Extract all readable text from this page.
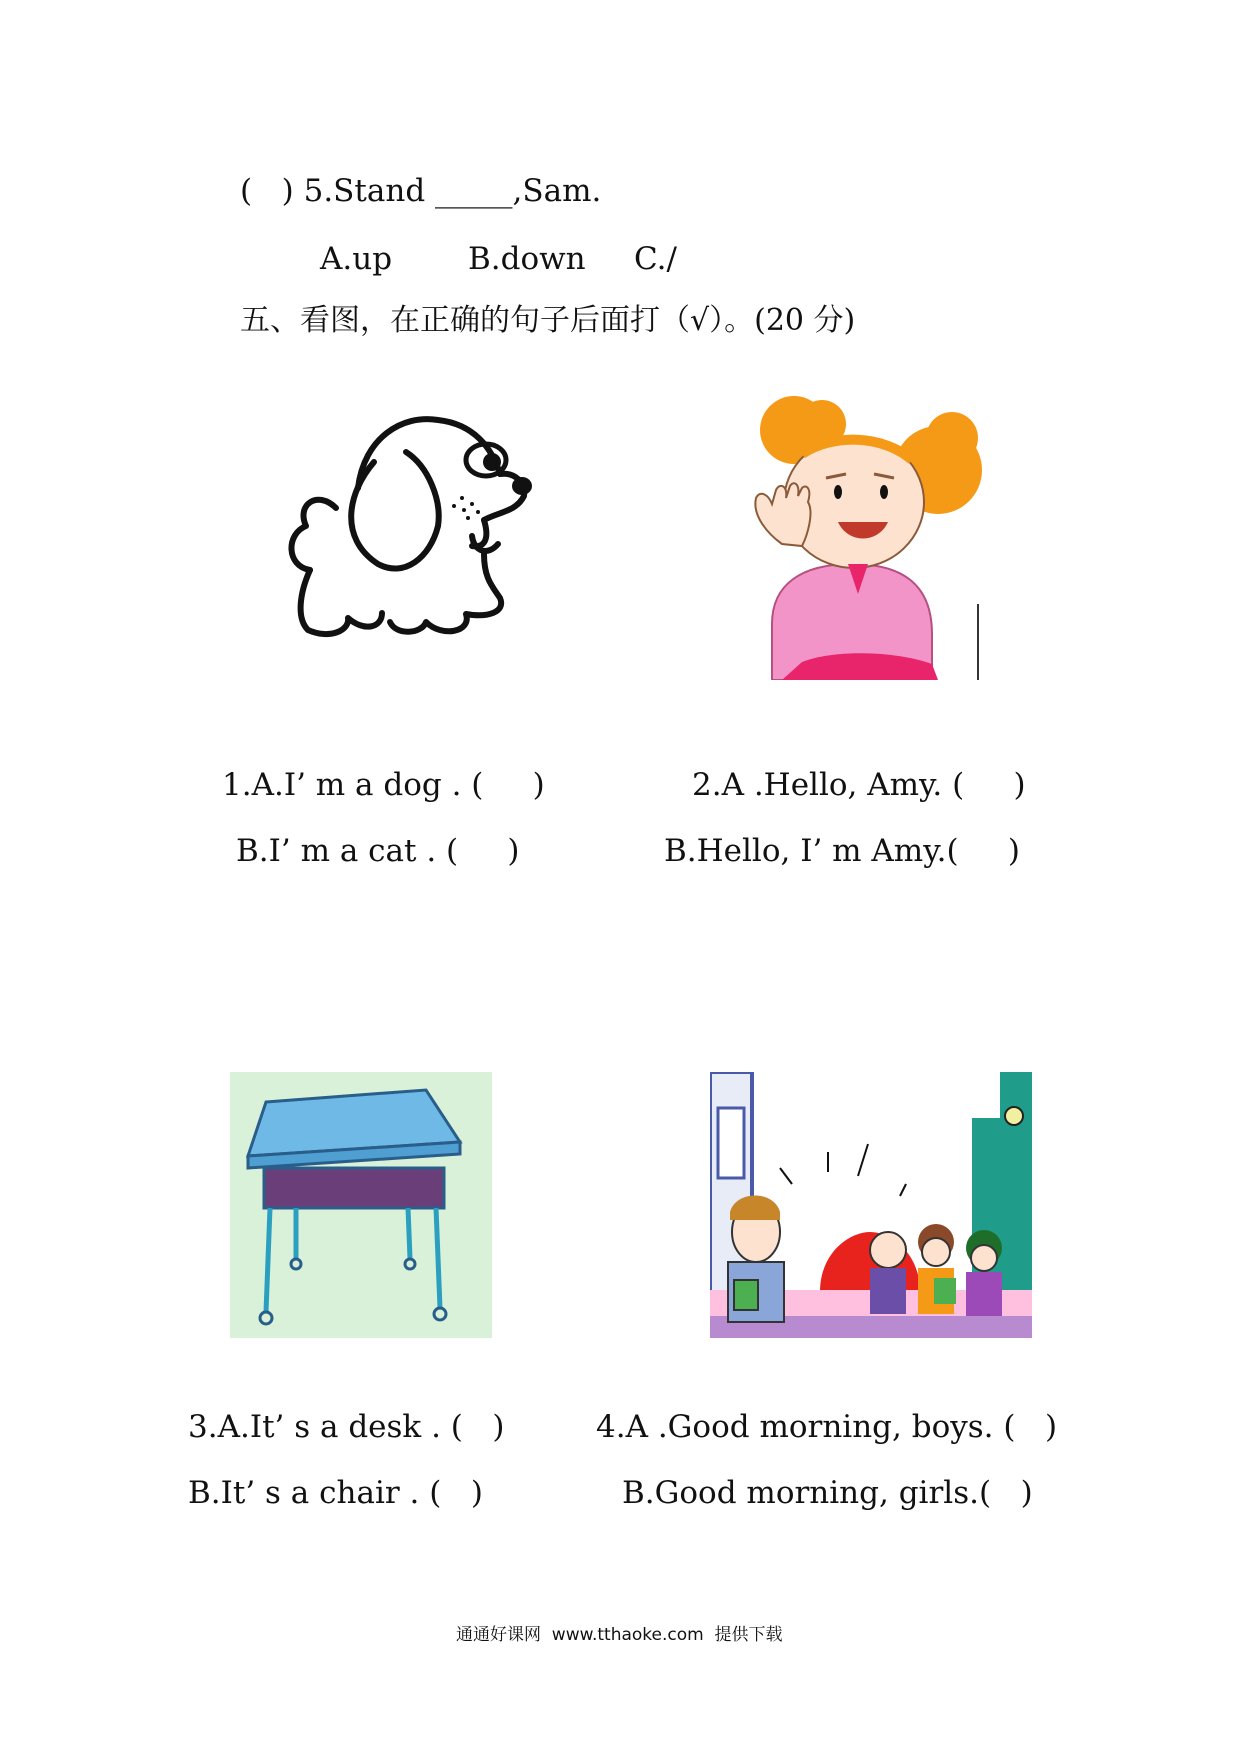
(   ) 5.Stand _____,Sam.
A.up B.down C./
五、看图，在正确的句子后面打（√）。(20 分)
1.A.I’ m a dog . (     )
B.I’ m a cat . (     )
2.A .Hello, Amy. (     )
B.Hello, I’ m Amy.(     )
3.A.It’ s a desk . (   )
B.It’ s a chair . (   )
4.A .Good morning, boys. (   )
B.Good morning, girls.(   )
通通好课网  www.tthaoke.com  提供下载
